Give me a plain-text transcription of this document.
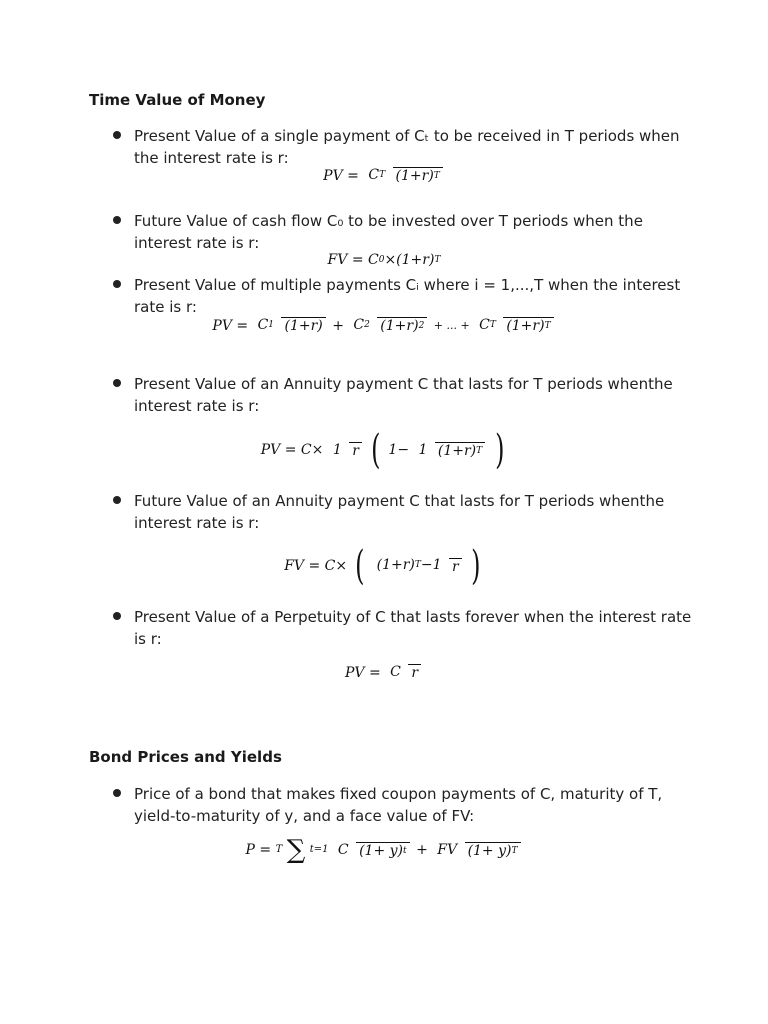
Time Value of Money
Present Value of a single payment of Cₜ to be received in T periods when the interest rate is r:
PV = CT (1+r)T
Future Value of cash flow C₀ to be invested over T periods when the interest rate is r:
FV = C0×(1+r)T
Present Value of multiple payments Cᵢ where i = 1,...,T when the interest rate is r:
PV = C1 (1+r) + C2 (1+r)2 + ... + CT (1+r)T
Present Value of an Annuity payment C that lasts for T periods whenthe interest rate is r:
PV = C× 1 r ( 1− 1 (1+r)T )
Future Value of an Annuity payment C that lasts for T periods whenthe interest rate is r:
FV = C× ( (1+r)T−1 r )
Present Value of a Perpetuity of C that lasts forever when the interest rate is r:
PV = C r
Bond Prices and Yields
Price of a bond that makes fixed coupon payments of C, maturity of T, yield-to-maturity of y, and a face value of FV:
P = T ∑ t=1 C (1+ y)t + FV (1+ y)T
